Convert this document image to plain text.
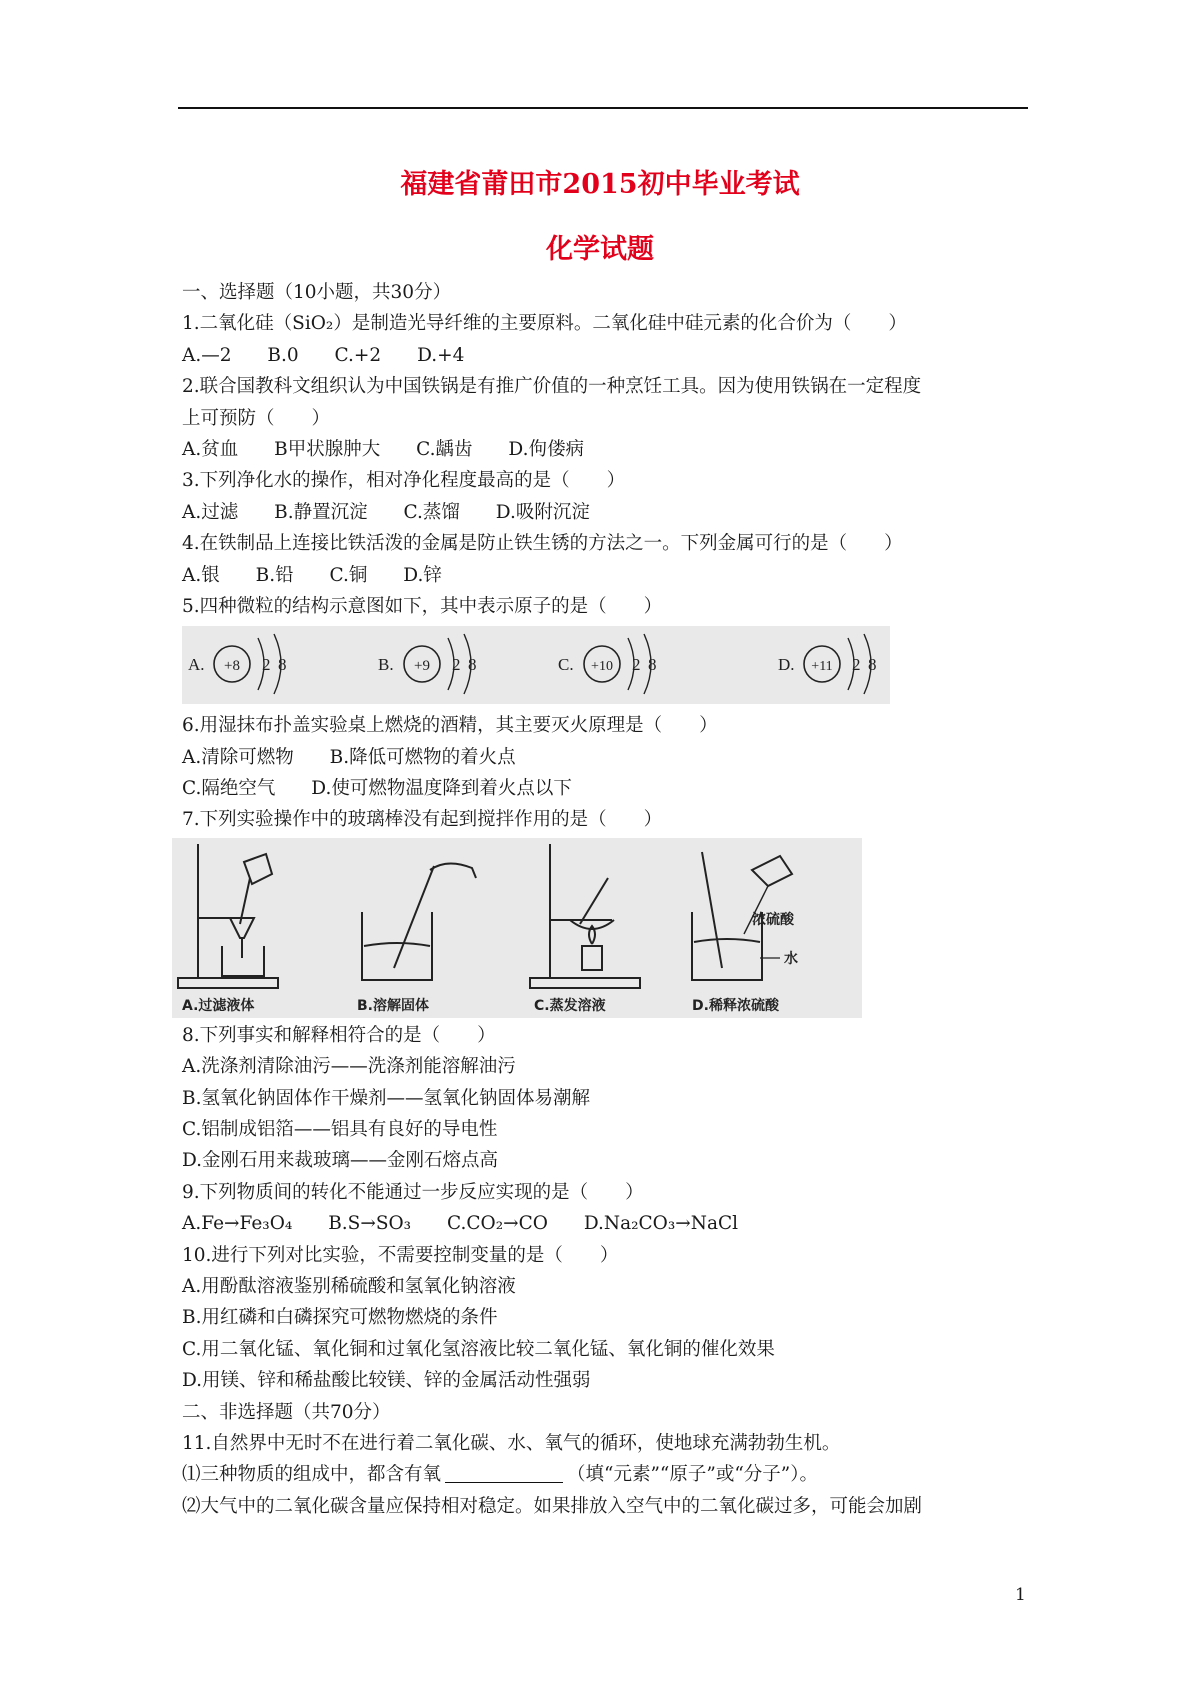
福建省莆田市2015初中毕业考试
化学试题
一、选择题（10小题，共30分）
1.二氧化硅（SiO₂）是制造光导纤维的主要原料。二氧化硅中硅元素的化合价为（　　）
A.—2 B.0 C.+2 D.+4
2.联合国教科文组织认为中国铁锅是有推广价值的一种烹饪工具。因为使用铁锅在一定程度
上可预防（　　）
A.贫血 B甲状腺肿大 C.龋齿 D.佝偻病
3.下列净化水的操作，相对净化程度最高的是（　　）
A.过滤 B.静置沉淀 C.蒸馏 D.吸附沉淀
4.在铁制品上连接比铁活泼的金属是防止铁生锈的方法之一。下列金属可行的是（　　）
A.银 B.铅 C.铜 D.锌
5.四种微粒的结构示意图如下，其中表示原子的是（　　）
A. +8 2 8	B. +9 2 8	C. +10 2 8	D. +11 2 8
6.用湿抹布扑盖实验桌上燃烧的酒精，其主要灭火原理是（　　）
A.清除可燃物 B.降低可燃物的着火点
C.隔绝空气 D.使可燃物温度降到着火点以下
7.下列实验操作中的玻璃棒没有起到搅拌作用的是（　　）
浓硫酸
水
A.过滤液体	B.溶解固体	C.蒸发溶液	D.稀释浓硫酸
8.下列事实和解释相符合的是（　　）
A.洗涤剂清除油污——洗涤剂能溶解油污
B.氢氧化钠固体作干燥剂——氢氧化钠固体易潮解
C.铝制成铝箔——铝具有良好的导电性
D.金刚石用来裁玻璃——金刚石熔点高
9.下列物质间的转化不能通过一步反应实现的是（　　）
A.Fe→Fe₃O₄ B.S→SO₃ C.CO₂→CO D.Na₂CO₃→NaCl
10.进行下列对比实验，不需要控制变量的是（　　）
A.用酚酞溶液鉴别稀硫酸和氢氧化钠溶液
B.用红磷和白磷探究可燃物燃烧的条件
C.用二氧化锰、氧化铜和过氧化氢溶液比较二氧化锰、氧化铜的催化效果
D.用镁、锌和稀盐酸比较镁、锌的金属活动性强弱
二、非选择题（共70分）
11.自然界中无时不在进行着二氧化碳、水、氧气的循环，使地球充满勃勃生机。
⑴三种物质的组成中，都含有氧	（填“元素”“原子”或“分子”）。
⑵大气中的二氧化碳含量应保持相对稳定。如果排放入空气中的二氧化碳过多，可能会加剧
1
